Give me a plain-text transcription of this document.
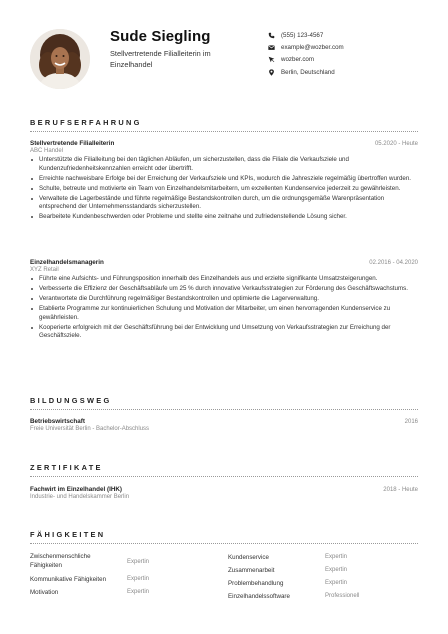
Sude Siegling
Stellvertretende Filialleiterin im Einzelhandel
(555) 123-4567
example@wozber.com
wozber.com
Berlin, Deutschland
BERUFSERFAHRUNG
Stellvertretende Filialleiterin	05.2020 - Heute
ABC Handel
Unterstützte die Filialleitung bei den täglichen Abläufen, um sicherzustellen, dass die Filiale die Verkaufsziele und Kundenzufriedenheitskennzahlen erreicht oder übertrifft.
Erreichte nachweisbare Erfolge bei der Erreichung der Verkaufsziele und KPIs, wodurch die Jahresziele regelmäßig übertroffen wurden.
Schulte, betreute und motivierte ein Team von Einzelhandelsmitarbeitern, um exzellenten Kundenservice jederzeit zu gewährleisten.
Verwaltete die Lagerbestände und führte regelmäßige Bestandskontrollen durch, um die ordnungsgemäße Warenpräsentation entsprechend der Unternehmensstandards sicherzustellen.
Bearbeitete Kundenbeschwerden oder Probleme und stellte eine zeitnahe und zufriedenstellende Lösung sicher.
Einzelhandelsmanagerin	02.2016 - 04.2020
XYZ Retail
Führte eine Aufsichts- und Führungsposition innerhalb des Einzelhandels aus und erzielte signifikante Umsatzsteigerungen.
Verbesserte die Effizienz der Geschäftsabläufe um 25 % durch innovative Verkaufsstrategien zur Förderung des Geschäftswachstums.
Verantwortete die Durchführung regelmäßiger Bestandskontrollen und optimierte die Lagerverwaltung.
Etablierte Programme zur kontinuierlichen Schulung und Motivation der Mitarbeiter, um einen hervorragenden Kundenservice zu gewährleisten.
Kooperierte erfolgreich mit der Geschäftsführung bei der Entwicklung und Umsetzung von Verkaufsstrategien zur Erreichung der Geschäftsziele.
BILDUNGSWEG
Betriebswirtschaft	2016
Freie Universität Berlin - Bachelor-Abschluss
ZERTIFIKATE
Fachwirt im Einzelhandel (IHK)	2018 - Heute
Industrie- und Handelskammer Berlin
FÄHIGKEITEN
Zwischenmenschliche Fähigkeiten	Expertin
Kommunikative Fähigkeiten	Expertin
Motivation	Expertin
Kundenservice	Expertin
Zusammenarbeit	Expertin
Problembehandlung	Expertin
Einzelhandelssoftware	Professionell
